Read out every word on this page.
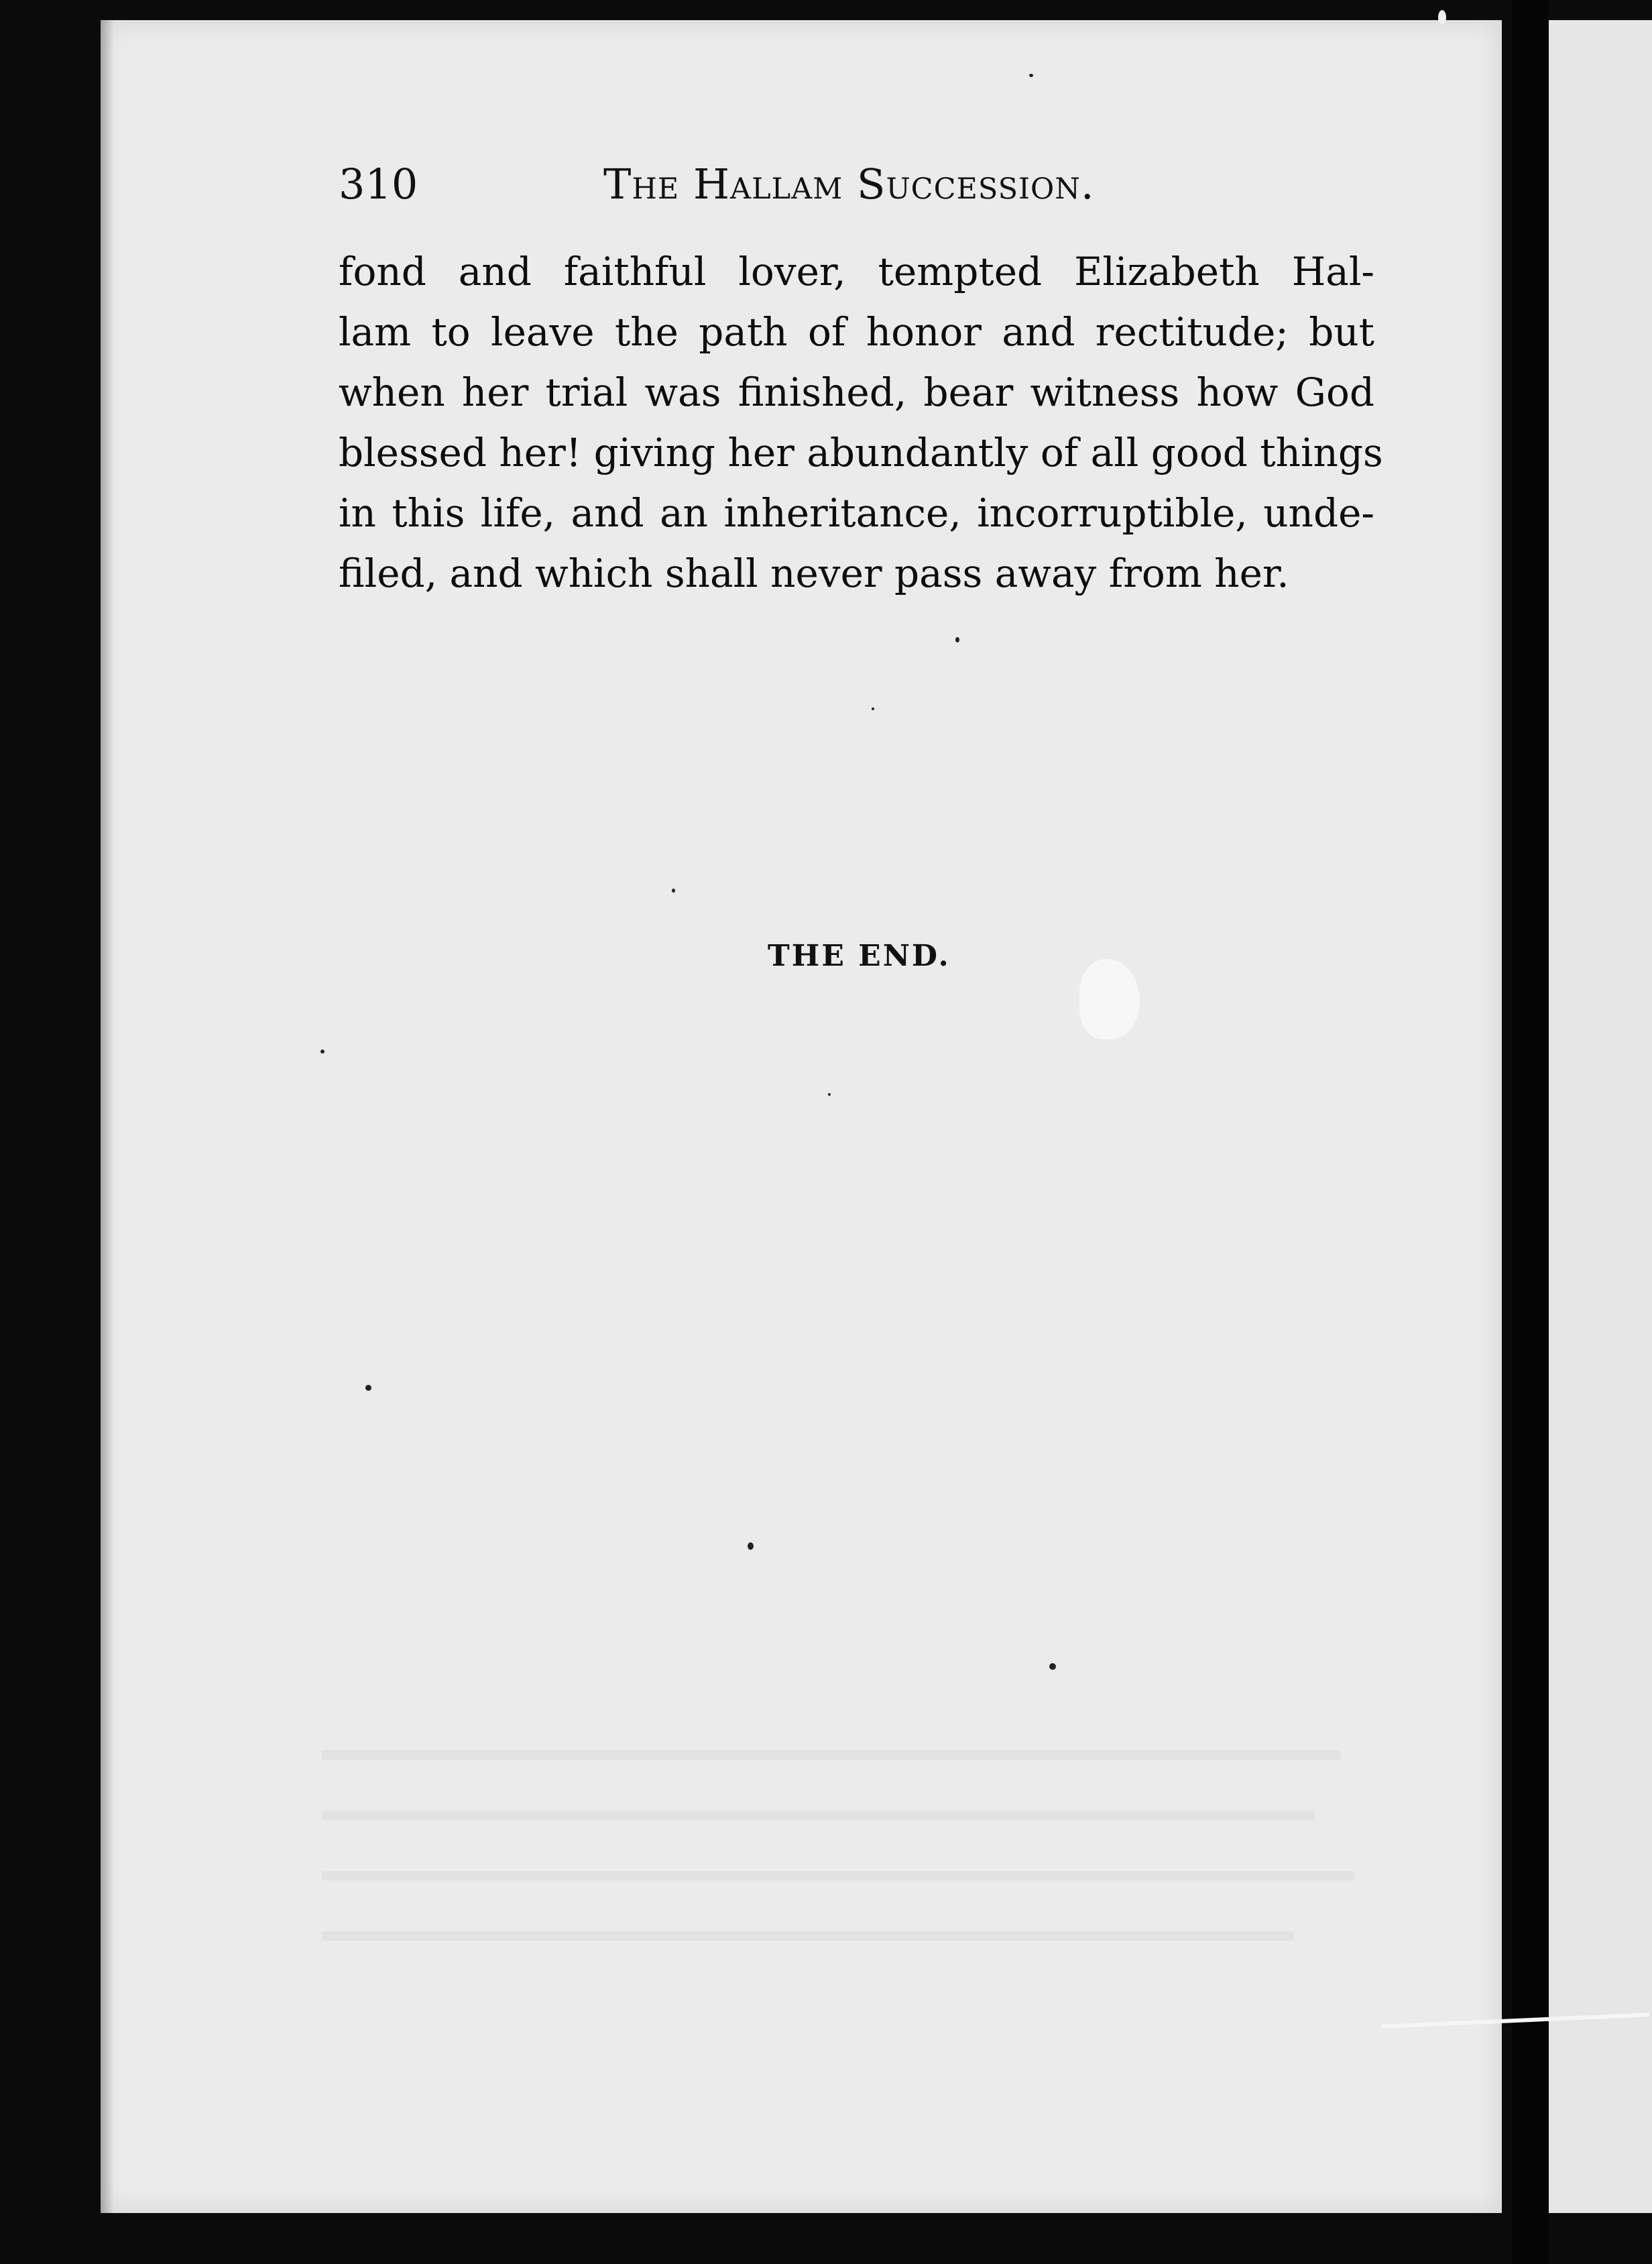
310	The Hallam Succession.
fond and faithful lover, tempted Elizabeth Hal-
lam to leave the path of honor and rectitude; but
when her trial was finished, bear witness how God
blessed her! giving her abundantly of all good things
in this life, and an inheritance, incorruptible, unde-
filed, and which shall never pass away from her.
THE END.
